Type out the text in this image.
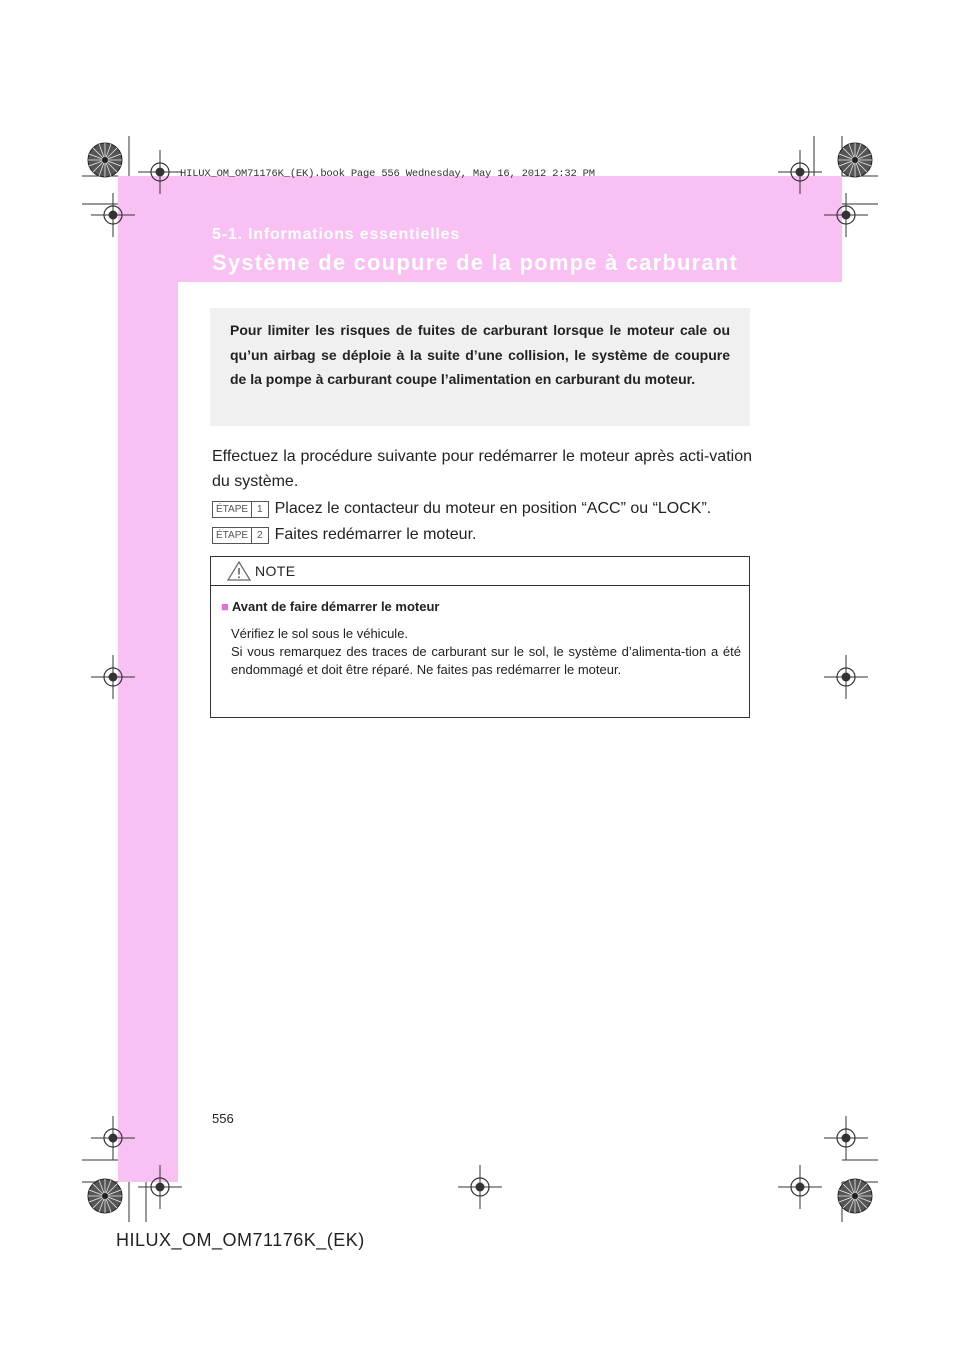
HILUX_OM_OM71176K_(EK).book Page 556 Wednesday, May 16, 2012 2:32 PM
5-1. Informations essentielles
Système de coupure de la pompe à carburant

Pour limiter les risques de fuites de carburant lorsque le moteur cale ou qu’un airbag se déploie à la suite d’une collision, le système de coupure de la pompe à carburant coupe l’alimentation en carburant du moteur.

Effectuez la procédure suivante pour redémarrer le moteur après acti-vation du système.

ÉTAPE 1 Placez le contacteur du moteur en position “ACC” ou “LOCK”.
ÉTAPE 2 Faites redémarrer le moteur.
NOTE
■ Avant de faire démarrer le moteur
Vérifiez le sol sous le véhicule.
Si vous remarquez des traces de carburant sur le sol, le système d’alimenta-tion a été endommagé et doit être réparé. Ne faites pas redémarrer le moteur.
556
HILUX_OM_OM71176K_(EK)
